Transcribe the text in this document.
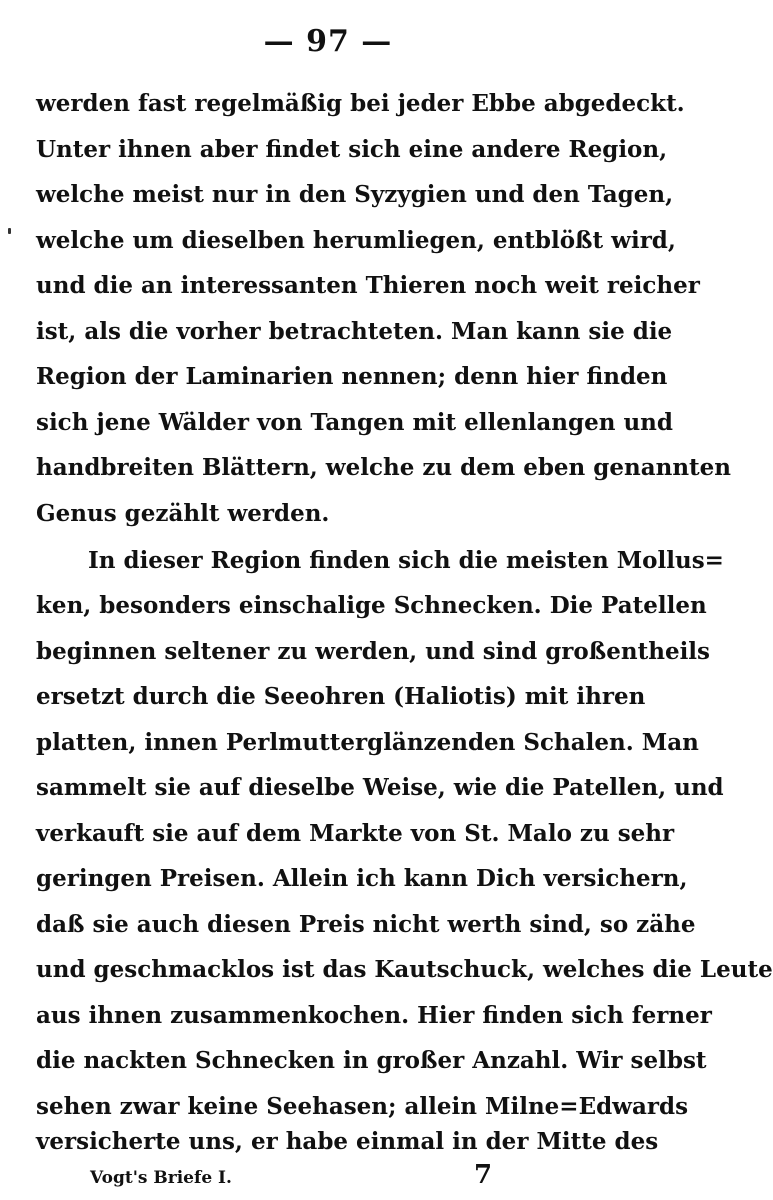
— 97 —
werden fast regelmäßig bei jeder Ebbe abgedeckt.
Unter ihnen aber findet sich eine andere Region,
welche meist nur in den Syzygien und den Tagen,
welche um dieselben herumliegen, entblößt wird,
und die an interessanten Thieren noch weit reicher
ist, als die vorher betrachteten. Man kann sie die
Region der Laminarien nennen; denn hier finden
sich jene Wälder von Tangen mit ellenlangen und
handbreiten Blättern, welche zu dem eben genannten
Genus gezählt werden.
In dieser Region finden sich die meisten Mollus=
ken, besonders einschalige Schnecken. Die Patellen
beginnen seltener zu werden, und sind großentheils
ersetzt durch die Seeohren (Haliotis) mit ihren
platten, innen Perlmutterglänzenden Schalen. Man
sammelt sie auf dieselbe Weise, wie die Patellen, und
verkauft sie auf dem Markte von St. Malo zu sehr
geringen Preisen. Allein ich kann Dich versichern,
daß sie auch diesen Preis nicht werth sind, so zähe
und geschmacklos ist das Kautschuck, welches die Leute
aus ihnen zusammenkochen. Hier finden sich ferner
die nackten Schnecken in großer Anzahl. Wir selbst
sehen zwar keine Seehasen; allein Milne=Edwards
versicherte uns, er habe einmal in der Mitte des
Vogt's Briefe I.	7
